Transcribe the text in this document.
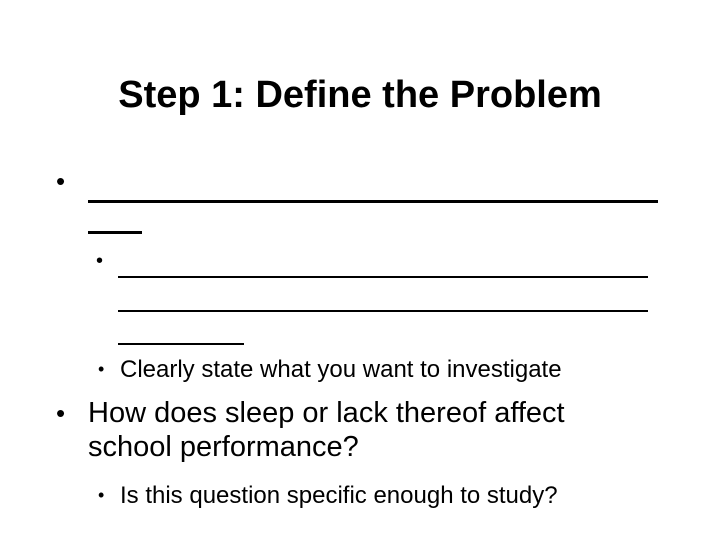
Step 1: Define the Problem
•
•
• Clearly state what you want to investigate
• How does sleep or lack thereof affect school performance?
• Is this question specific enough to study?
